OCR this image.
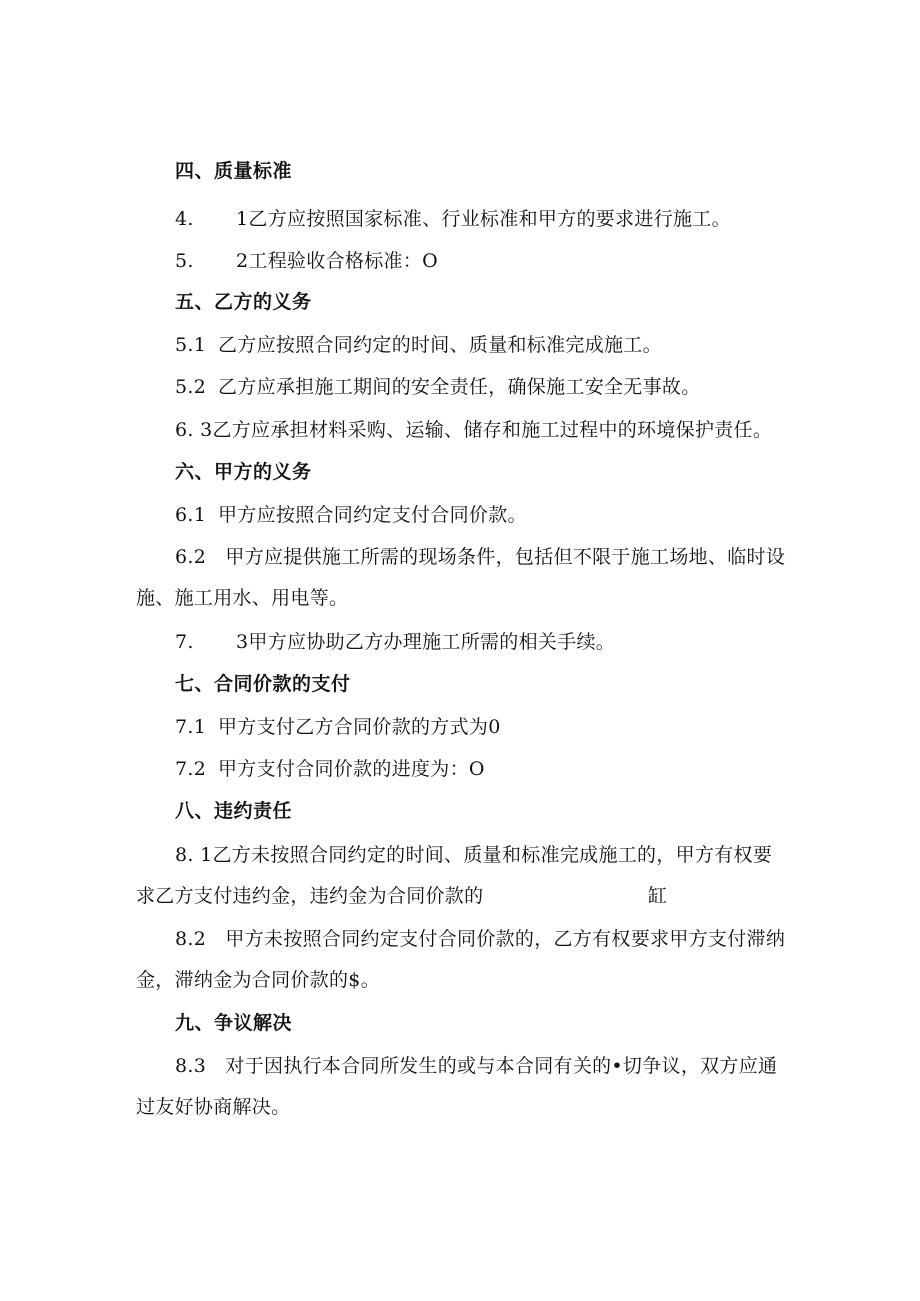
四、质量标准
4. 1乙方应按照国家标准、行业标准和甲方的要求进行施工。
5. 2工程验收合格标准：O
五、乙方的义务
5.1 乙方应按照合同约定的时间、质量和标准完成施工。
5.2 乙方应承担施工期间的安全责任，确保施工安全无事故。
6. 3乙方应承担材料采购、运输、储存和施工过程中的环境保护责任。
六、甲方的义务
6.1 甲方应按照合同约定支付合同价款。
6.2　甲方应提供施工所需的现场条件，包括但不限于施工场地、临时设
施、施工用水、用电等。
7. 3甲方应协助乙方办理施工所需的相关手续。
七、合同价款的支付
7.1 甲方支付乙方合同价款的方式为0
7.2 甲方支付合同价款的进度为：O
八、违约责任
8. 1乙方未按照合同约定的时间、质量和标准完成施工的，甲方有权要
求乙方支付违约金，违约金为合同价款的	缸
8.2　甲方未按照合同约定支付合同价款的，乙方有权要求甲方支付滞纳
金，滞纳金为合同价款的$。
九、争议解决
8.3　对于因执行本合同所发生的或与本合同有关的•切争议，双方应通
过友好协商解决。
